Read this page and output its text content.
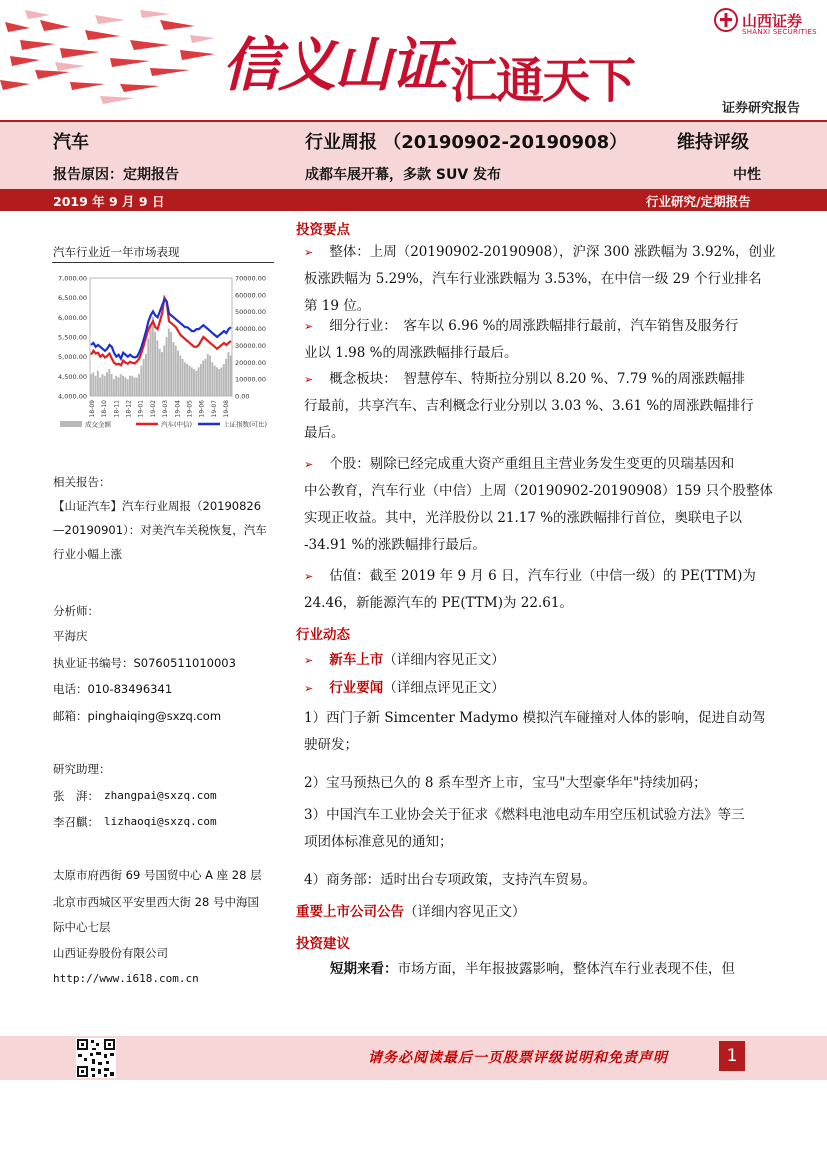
信义山证 汇通天下
山西证券
SHANXI SECURITIES
证券研究报告
汽车	行业周报 （20190902-20190908）	维持评级
报告原因：定期报告	成都车展开幕，多款 SUV 发布	中性
2019 年 9 月 9 日	行业研究/定期报告
汽车行业近一年市场表现
7,000.00
6,500.00
6,000.00
5,500.00
5,000.00
4,500.00
4,000.00
70000.00
60000.00
50000.00
40000.00
30000.00
20000.00
10000.00
0.00
18-09 18-10 18-11 18-12 19-01 19-02 19-03 19-04 19-05 19-06 19-07 19-08
成交金额	汽车(中信)	上证指数(可比)
相关报告：
【山证汽车】汽车行业周报（20190826
—20190901）：对美汽车关税恢复，汽车
行业小幅上涨
分析师：
平海庆
执业证书编号：S0760511010003
电话：010-83496341
邮箱：pinghaiqing@sxzq.com
研究助理：
张　湃： zhangpai@sxzq.com
李召麒： lizhaoqi@sxzq.com
太原市府西街 69 号国贸中心 A 座 28 层
北京市西城区平安里西大街 28 号中海国
际中心七层
山西证券股份有限公司
http://www.i618.com.cn
投资要点
➢ 整体：上周（20190902-20190908），沪深 300 涨跌幅为 3.92%，创业
板涨跌幅为 5.29%，汽车行业涨跌幅为 3.53%，在中信一级 29 个行业排名
第 19 位。
➢ 细分行业：　客车以 6.96 %的周涨跌幅排行最前，汽车销售及服务行
业以 1.98 %的周涨跌幅排行最后。
➢ 概念板块：　智慧停车、特斯拉分别以 8.20 %、7.79 %的周涨跌幅排
行最前，共享汽车、吉利概念行业分别以 3.03 %、3.61 %的周涨跌幅排行
最后。
➢ 个股：剔除已经完成重大资产重组且主营业务发生变更的贝瑞基因和
中公教育，汽车行业（中信）上周（20190902-20190908）159 只个股整体
实现正收益。其中，光洋股份以 21.17 %的涨跌幅排行首位，奥联电子以
-34.91 %的涨跌幅排行最后。
➢ 估值：截至 2019 年 9 月 6 日，汽车行业（中信一级）的 PE(TTM)为
24.46，新能源汽车的 PE(TTM)为 22.61。
行业动态
➢ 新车上市（详细内容见正文）
➢ 行业要闻（详细点评见正文）
1）西门子新 Simcenter Madymo 模拟汽车碰撞对人体的影响，促进自动驾
驶研发；
2）宝马预热已久的 8 系车型齐上市，宝马"大型豪华年"持续加码；
3）中国汽车工业协会关于征求《燃料电池电动车用空压机试验方法》等三
项团体标准意见的通知；
4）商务部：适时出台专项政策，支持汽车贸易。
重要上市公司公告（详细内容见正文）
投资建议
短期来看：市场方面，半年报披露影响，整体汽车行业表现不佳，但
请务必阅读最后一页股票评级说明和免责声明	1
